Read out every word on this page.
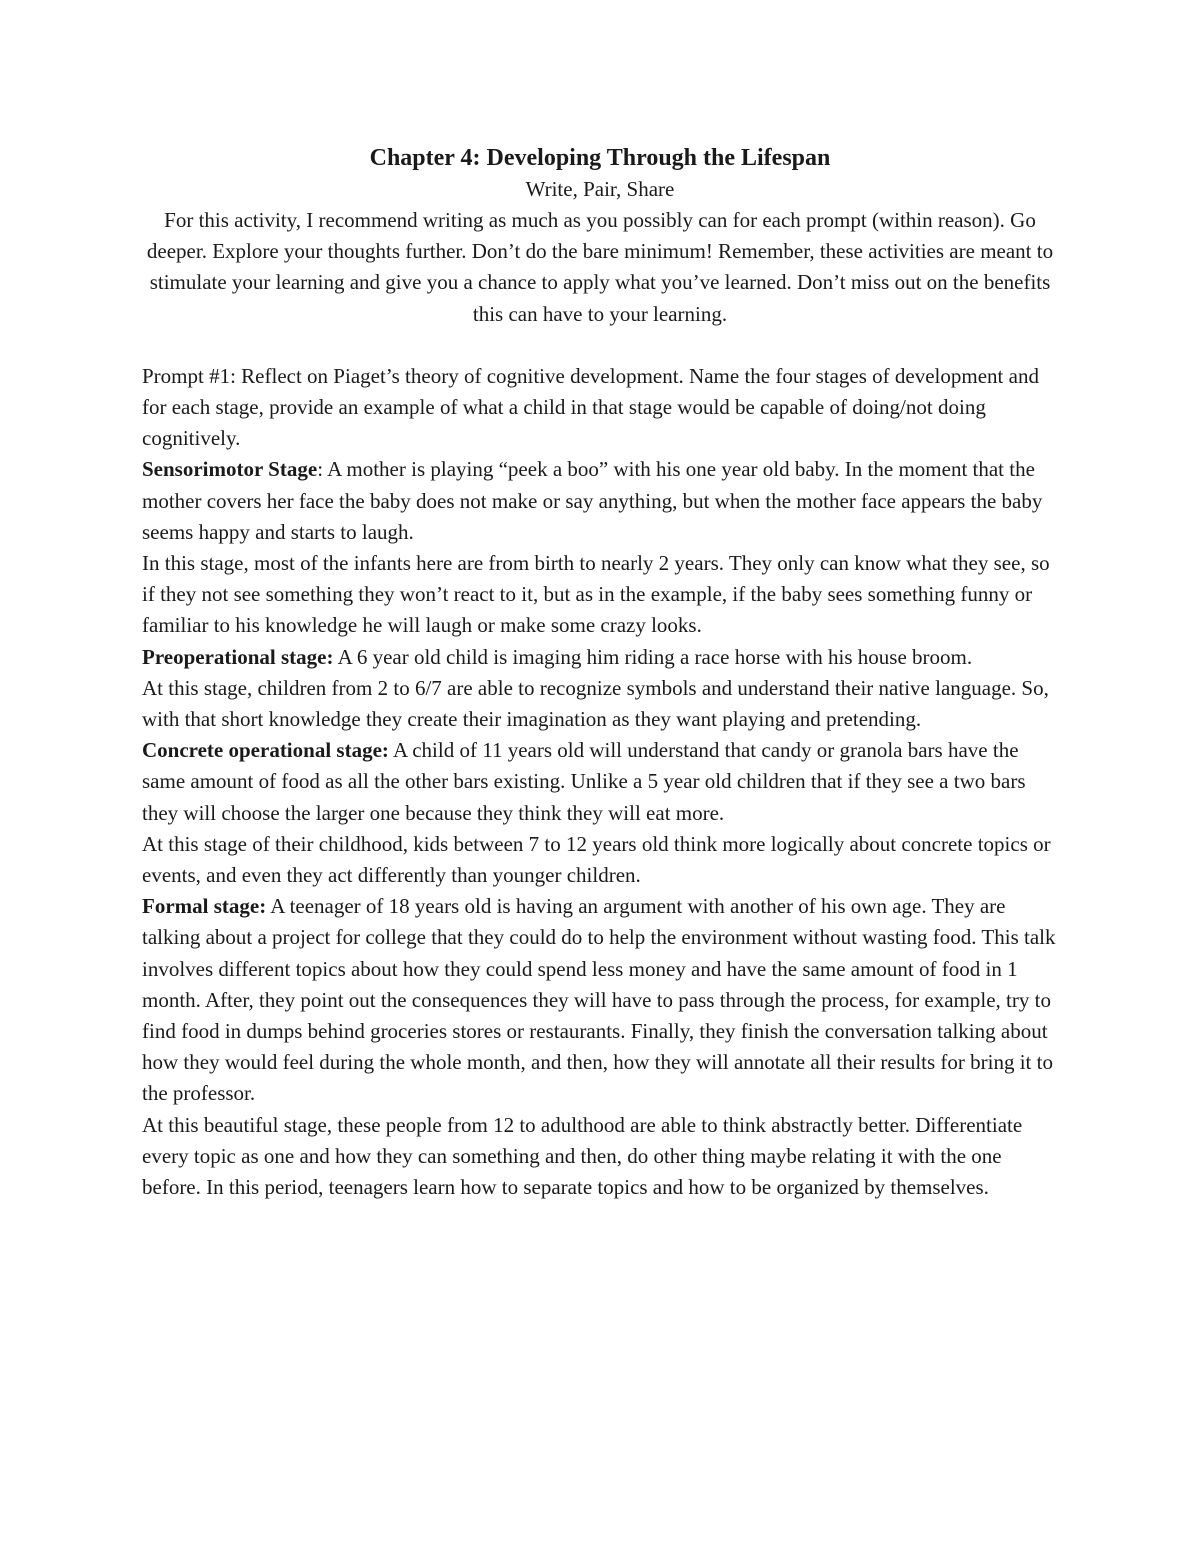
Chapter 4: Developing Through the Lifespan

Write, Pair, Share

For this activity, I recommend writing as much as you possibly can for each prompt (within reason). Go deeper. Explore your thoughts further. Don’t do the bare minimum! Remember, these activities are meant to stimulate your learning and give you a chance to apply what you’ve learned. Don’t miss out on the benefits this can have to your learning.

Prompt #1: Reflect on Piaget’s theory of cognitive development. Name the four stages of development and for each stage, provide an example of what a child in that stage would be capable of doing/not doing cognitively.

Sensorimotor Stage: A mother is playing “peek a boo” with his one year old baby. In the moment that the mother covers her face the baby does not make or say anything, but when the mother face appears the baby seems happy and starts to laugh.

In this stage, most of the infants here are from birth to nearly 2 years. They only can know what they see, so if they not see something they won’t react to it, but as in the example, if the baby sees something funny or familiar to his knowledge he will laugh or make some crazy looks.

Preoperational stage: A 6 year old child is imaging him riding a race horse with his house broom.

At this stage, children from 2 to 6/7 are able to recognize symbols and understand their native language. So, with that short knowledge they create their imagination as they want playing and pretending.

Concrete operational stage: A child of 11 years old will understand that candy or granola bars have the same amount of food as all the other bars existing. Unlike a 5 year old children that if they see a two bars they will choose the larger one because they think they will eat more.

At this stage of their childhood, kids between 7 to 12 years old think more logically about concrete topics or events, and even they act differently than younger children.

Formal stage: A teenager of 18 years old is having an argument with another of his own age. They are talking about a project for college that they could do to help the environment without wasting food. This talk involves different topics about how they could spend less money and have the same amount of food in 1 month. After, they point out the consequences they will have to pass through the process, for example, try to find food in dumps behind groceries stores or restaurants. Finally, they finish the conversation talking about how they would feel during the whole month, and then, how they will annotate all their results for bring it to the professor.

At this beautiful stage, these people from 12 to adulthood are able to think abstractly better. Differentiate every topic as one and how they can something and then, do other thing maybe relating it with the one before. In this period, teenagers learn how to separate topics and how to be organized by themselves.
